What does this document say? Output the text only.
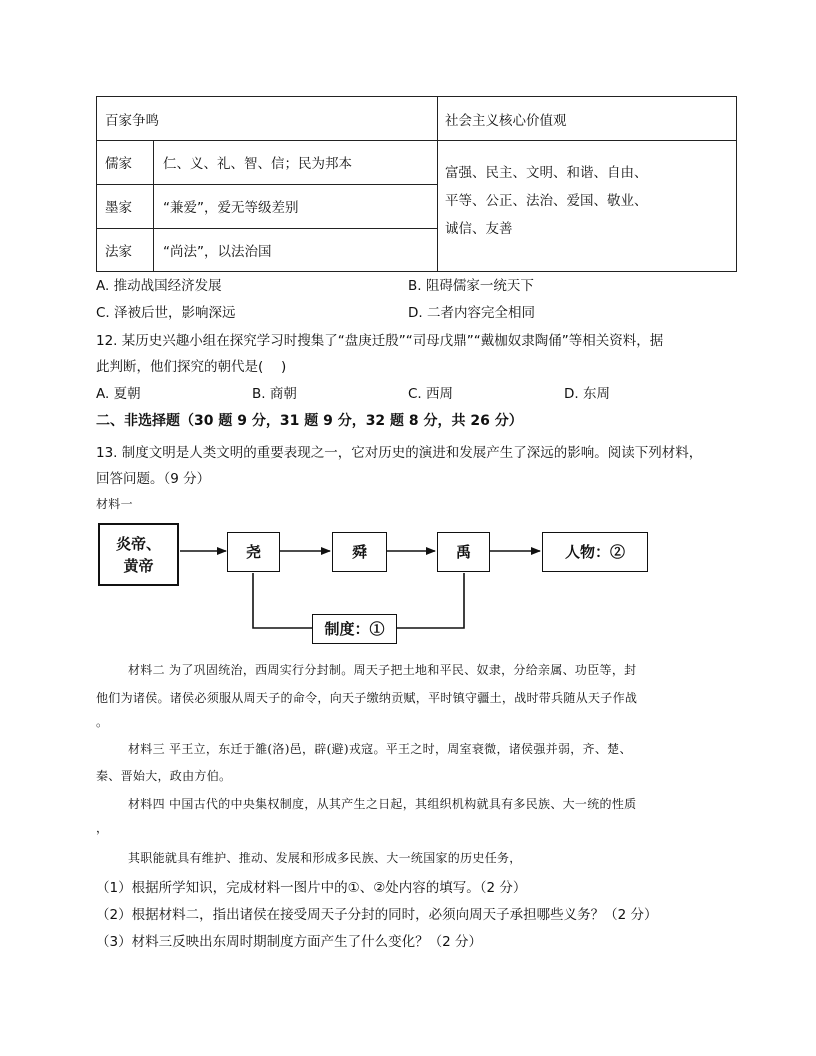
百家争鸣	社会主义核心价值观
儒家 仁、义、礼、智、信；民为邦本
墨家 “兼爱”，爱无等级差别
法家 “尚法”，以法治国
富强、民主、文明、和谐、自由、
平等、公正、法治、爱国、敬业、
诚信、友善
A. 推动战国经济发展	B. 阻碍儒家一统天下
C. 泽被后世，影响深远	D. 二者内容完全相同
12. 某历史兴趣小组在探究学习时搜集了“盘庚迁殷”“司母戊鼎”“戴枷奴隶陶俑”等相关资料，据
此判断，他们探究的朝代是(　 )
A. 夏朝	B. 商朝	C. 西周	D. 东周
二、非选择题（30 题 9 分，31 题 9 分，32 题 8 分，共 26 分）
13. 制度文明是人类文明的重要表现之一，它对历史的演进和发展产生了深远的影响。阅读下列材料，
回答问题。（9 分）
材料一
炎帝、
黄帝
尧	舜	禹	人物：②
制度：①
材料二 为了巩固统治，西周实行分封制。周天子把土地和平民、奴隶，分给亲属、功臣等，封
他们为诸侯。诸侯必须服从周天子的命令，向天子缴纳贡赋，平时镇守疆土，战时带兵随从天子作战
。
材料三 平王立，东迁于雒(洛)邑，辟(避)戎寇。平王之时，周室衰微，诸侯强并弱，齐、楚、
秦、晋始大，政由方伯。
材料四 中国古代的中央集权制度，从其产生之日起，其组织机构就具有多民族、大一统的性质
，
其职能就具有维护、推动、发展和形成多民族、大一统国家的历史任务，
（1）根据所学知识，完成材料一图片中的①、②处内容的填写。（2 分）
（2）根据材料二，指出诸侯在接受周天子分封的同时，必须向周天子承担哪些义务？（2 分）
（3）材料三反映出东周时期制度方面产生了什么变化？（2 分）
